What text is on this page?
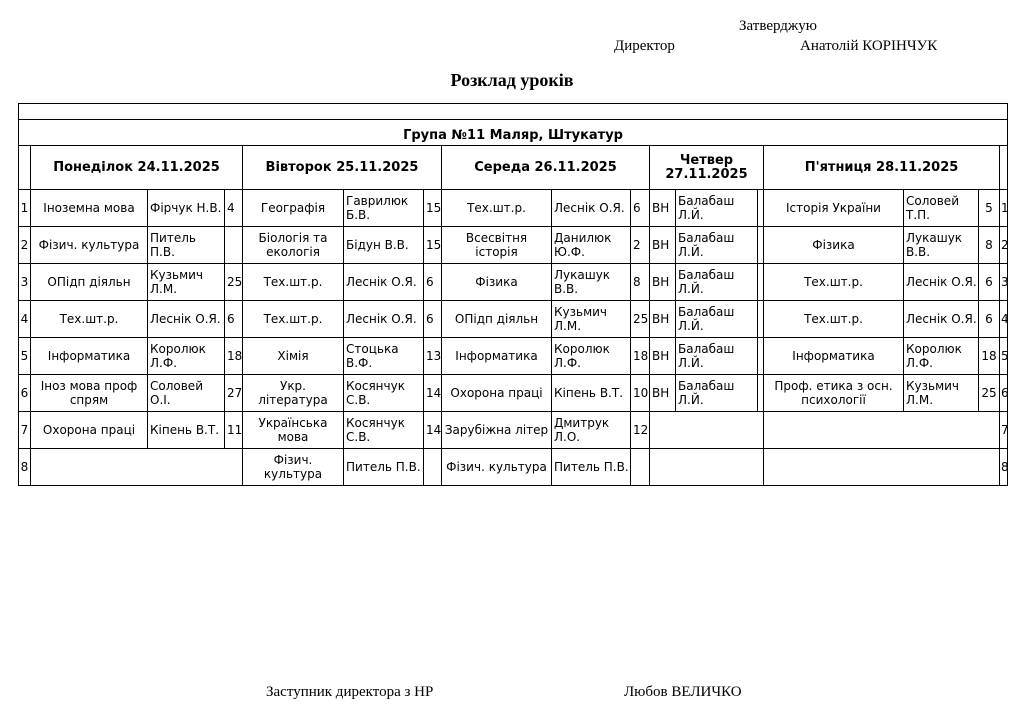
Затверджую
Директор	Анатолій КОРІНЧУК
Розклад уроків

Група №11 Маляр, Штукатур																
	Понеділок 24.11.2025			Вівторок 25.11.2025			Середа 26.11.2025			Четвер 27.11.2025			П'ятниця 28.11.2025			
1	Іноземна мова	Фірчук Н.В.	4	Географія	Гаврилюк Б.В.	15	Тех.шт.р.	Леснік О.Я.	6	ВН	Балабаш Л.Й.		Історія України	Соловей Т.П.	5	1
2	Фізич. культура	Питель П.В.		Біологія та екологія	Бідун В.В.	15	Всесвітня історія	Данилюк Ю.Ф.	2	ВН	Балабаш Л.Й.		Фізика	Лукашук В.В.	8	2
3	ОПідп діяльн	Кузьмич Л.М.	25	Тех.шт.р.	Леснік О.Я.	6	Фізика	Лукашук В.В.	8	ВН	Балабаш Л.Й.		Тех.шт.р.	Леснік О.Я.	6	3
4	Тех.шт.р.	Леснік О.Я.	6	Тех.шт.р.	Леснік О.Я.	6	ОПідп діяльн	Кузьмич Л.М.	25	ВН	Балабаш Л.Й.		Тех.шт.р.	Леснік О.Я.	6	4
5	Інформатика	Королюк Л.Ф.	18	Хімія	Стоцька В.Ф.	13	Інформатика	Королюк Л.Ф.	18	ВН	Балабаш Л.Й.		Інформатика	Королюк Л.Ф.	18	5
6	Іноз мова проф спрям	Соловей О.І.	27	Укр. література	Косянчук С.В.	14	Охорона праці	Кіпень В.Т.	10	ВН	Балабаш Л.Й.		Проф. етика з осн. психології	Кузьмич Л.М.	25	6
7	Охорона праці	Кіпень В.Т.	11	Українська мова	Косянчук С.В.	14	Зарубіжна літер	Дмитрук Л.О.	12							7
8				Фізич. культура	Питель П.В.		Фізич. культура	Питель П.В.								8
Заступник директора з НР	Любов ВЕЛИЧКО
